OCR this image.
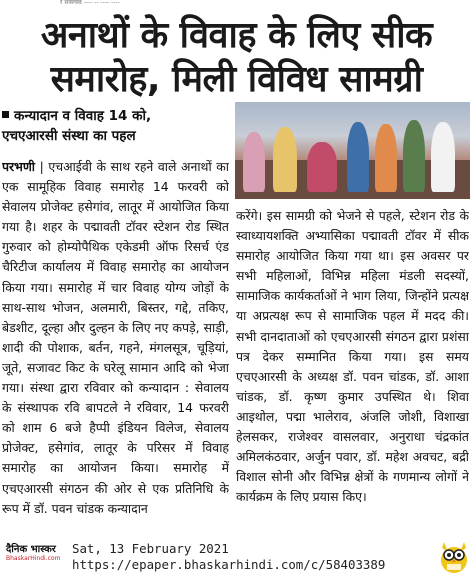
र सर्क्ल्क्ल्रे ---- -- ---- ----
अनाथों के विवाह के लिए सीक
समारोह, मिली विविध सामग्री
कन्यादान व विवाह 14 को,
एचएआरसी संस्था का पहल
परभणी | एचआईवी के साथ रहने वाले अनाथों का एक सामूहिक विवाह समारोह 14 फरवरी को सेवालय प्रोजेक्ट हसेगांव, लातूर में आयोजित किया गया है। शहर के पद्मावती टॉवर स्टेशन रोड स्थित गुरुवार को होम्योपैथिक एकेडमी ऑफ रिसर्च एंड चैरिटीज कार्यालय में विवाह समारोह का आयोजन किया गया। समारोह में चार विवाह योग्य जोड़ों के साथ-साथ भोजन, अलमारी, बिस्तर, गद्दे, तकिए, बेडशीट, दूल्हा और दुल्हन के लिए नए कपड़े, साड़ी, शादी की पोशाक, बर्तन, गहने, मंगलसूत्र, चूड़ियां, जूते, सजावट किट के घरेलू सामान आदि को भेजा गया। संस्था द्वारा रविवार को कन्यादान : सेवालय के संस्थापक रवि बापटले ने रविवार, 14 फरवरी को शाम 6 बजे हैप्पी इंडियन विलेज, सेवालय प्रोजेक्ट, हसेगांव, लातूर के परिसर में विवाह समारोह का आयोजन किया। समारोह में एचएआरसी संगठन की ओर से एक प्रतिनिधि के रूप में डॉ. पवन चांडक कन्यादान
करेंगे। इस सामग्री को भेजने से पहले, स्टेशन रोड के स्वाध्यायशक्ति अभ्यासिका पद्मावती टॉवर में सीक समारोह आयोजित किया गया था। इस अवसर पर सभी महिलाओं, विभिन्न महिला मंडली सदस्यों, सामाजिक कार्यकर्ताओं ने भाग लिया, जिन्होंने प्रत्यक्ष या अप्रत्यक्ष रूप से सामाजिक पहल में मदद की। सभी दानदाताओं को एचएआरसी संगठन द्वारा प्रशंसा पत्र देकर सम्मानित किया गया। इस समय एचएआरसी के अध्यक्ष डॉ. पवन चांडक, डॉ. आशा चांडक, डॉ. कृष्ण कुमार उपस्थित थे। शिवा आइथोल, पद्मा भालेराव, अंजलि जोशी, विशाखा हेलसकर, राजेश्वर वासलवार, अनुराधा चंद्रकांत अमिलकंठवार, अर्जुन पवार, डॉ. महेश अवचट, बद्री विशाल सोनी और विभिन्न क्षेत्रों के गणमान्य लोगों ने कार्यक्रम के लिए प्रयास किए।
दैनिक भास्कर
BhaskarHindi.com
Sat, 13 February 2021
https://epaper.bhaskarhindi.com/c/58403389
